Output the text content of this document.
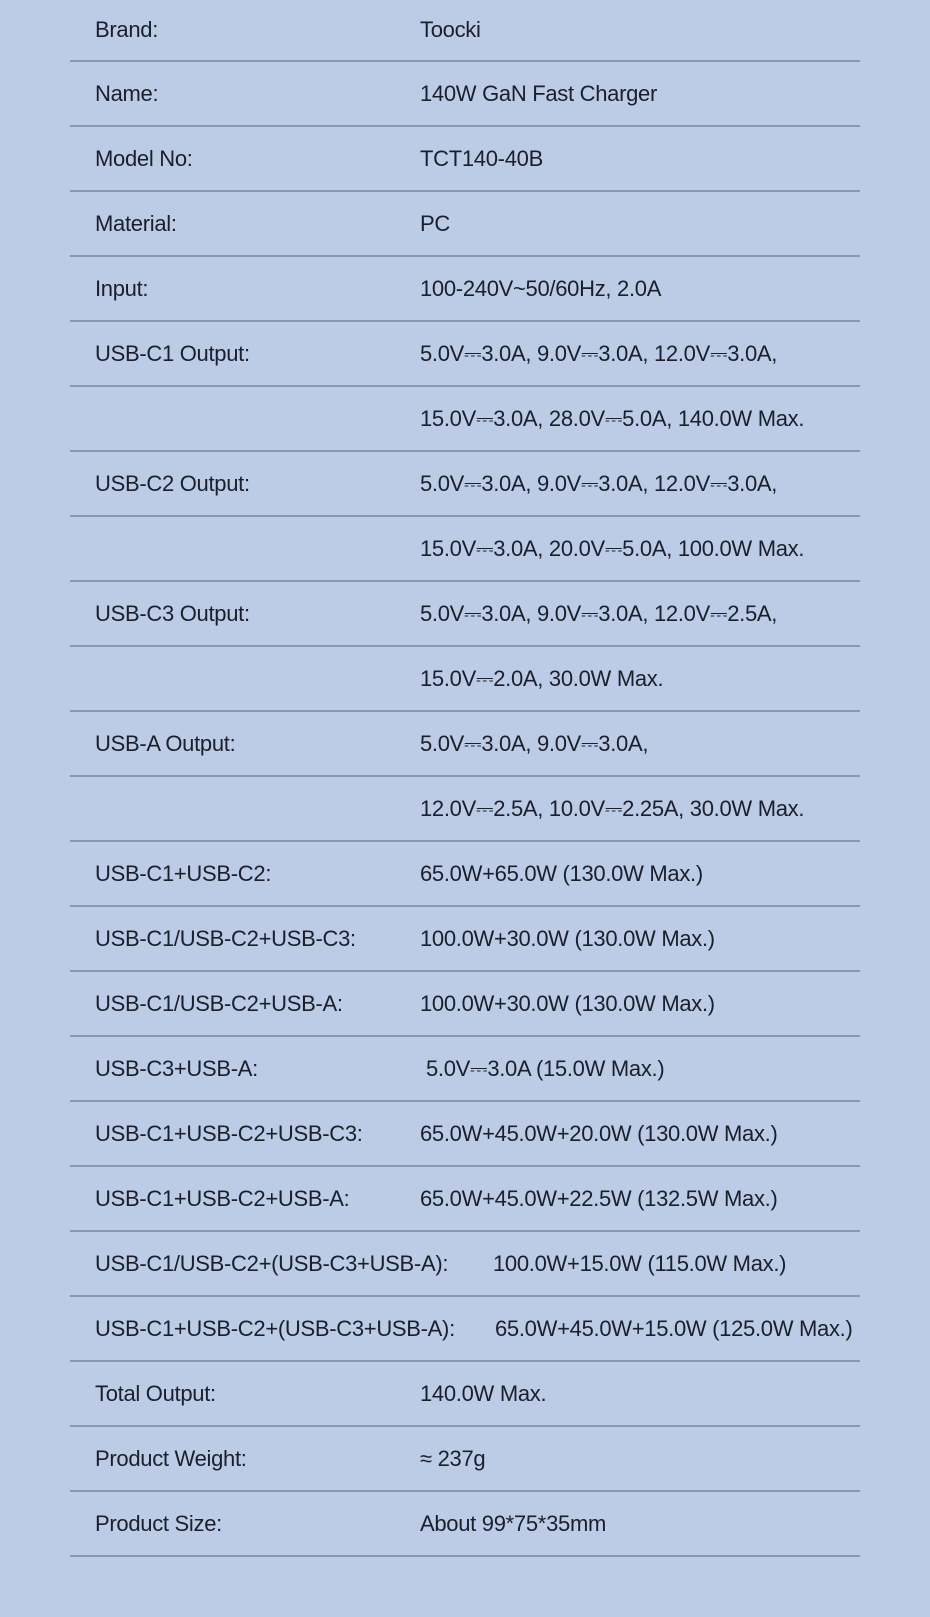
Brand:	Toocki
Name:	140W GaN Fast Charger
Model No:	TCT140-40B
Material:	PC
Input:	100-240V~50/60Hz, 2.0A
USB-C1 Output:	5.0V⎓3.0A, 9.0V⎓3.0A, 12.0V⎓3.0A,
15.0V⎓3.0A, 28.0V⎓5.0A, 140.0W Max.
USB-C2 Output:	5.0V⎓3.0A, 9.0V⎓3.0A, 12.0V⎓3.0A,
15.0V⎓3.0A, 20.0V⎓5.0A, 100.0W Max.
USB-C3 Output:	5.0V⎓3.0A, 9.0V⎓3.0A, 12.0V⎓2.5A,
15.0V⎓2.0A, 30.0W Max.
USB-A Output:	5.0V⎓3.0A, 9.0V⎓3.0A,
12.0V⎓2.5A, 10.0V⎓2.25A, 30.0W Max.
USB-C1+USB-C2:	65.0W+65.0W (130.0W Max.)
USB-C1/USB-C2+USB-C3:	100.0W+30.0W (130.0W Max.)
USB-C1/USB-C2+USB-A:	100.0W+30.0W (130.0W Max.)
USB-C3+USB-A:	5.0V⎓3.0A (15.0W Max.)
USB-C1+USB-C2+USB-C3:	65.0W+45.0W+20.0W (130.0W Max.)
USB-C1+USB-C2+USB-A:	65.0W+45.0W+22.5W (132.5W Max.)
USB-C1/USB-C2+(USB-C3+USB-A): 100.0W+15.0W (115.0W Max.)
USB-C1+USB-C2+(USB-C3+USB-A): 65.0W+45.0W+15.0W (125.0W Max.)
Total Output:	140.0W Max.
Product Weight:	≈ 237g
Product Size:	About 99*75*35mm
